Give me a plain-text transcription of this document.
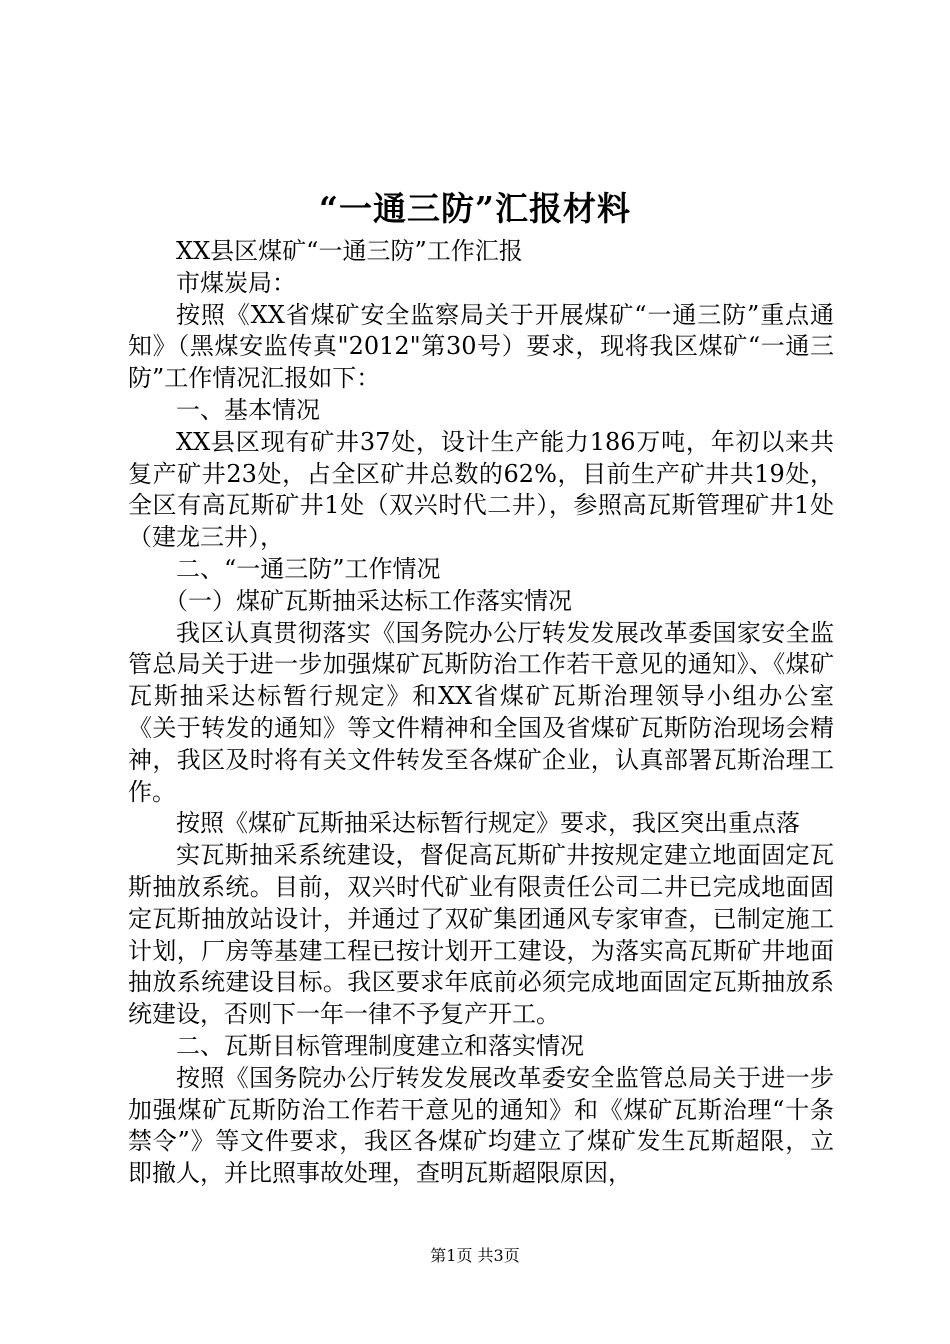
“一通三防”汇报材料

XX县区煤矿“一通三防”工作汇报

市煤炭局：

按照《XX省煤矿安全监察局关于开展煤矿“一通三防”重点通知》（黑煤安监传真"2012"第30号）要求，现将我区煤矿“一通三防”工作情况汇报如下：

一、基本情况

XX县区现有矿井37处，设计生产能力186万吨，年初以来共复产矿井23处，占全区矿井总数的62%，目前生产矿井共19处，全区有高瓦斯矿井1处（双兴时代二井），参照高瓦斯管理矿井1处（建龙三井），

二、“一通三防”工作情况

（一）煤矿瓦斯抽采达标工作落实情况

我区认真贯彻落实《国务院办公厅转发发展改革委国家安全监管总局关于进一步加强煤矿瓦斯防治工作若干意见的通知》、《煤矿瓦斯抽采达标暂行规定》和XX省煤矿瓦斯治理领导小组办公室《关于转发的通知》等文件精神和全国及省煤矿瓦斯防治现场会精神，我区及时将有关文件转发至各煤矿企业，认真部署瓦斯治理工作。

按照《煤矿瓦斯抽采达标暂行规定》要求，我区突出重点落

实瓦斯抽采系统建设，督促高瓦斯矿井按规定建立地面固定瓦斯抽放系统。目前，双兴时代矿业有限责任公司二井已完成地面固定瓦斯抽放站设计，并通过了双矿集团通风专家审查，已制定施工计划，厂房等基建工程已按计划开工建设，为落实高瓦斯矿井地面抽放系统建设目标。我区要求年底前必须完成地面固定瓦斯抽放系统建设，否则下一年一律不予复产开工。

二、瓦斯目标管理制度建立和落实情况

按照《国务院办公厅转发发展改革委安全监管总局关于进一步加强煤矿瓦斯防治工作若干意见的通知》和《煤矿瓦斯治理“十条禁令”》等文件要求，我区各煤矿均建立了煤矿发生瓦斯超限，立即撤人，并比照事故处理，查明瓦斯超限原因，

第1页 共3页
